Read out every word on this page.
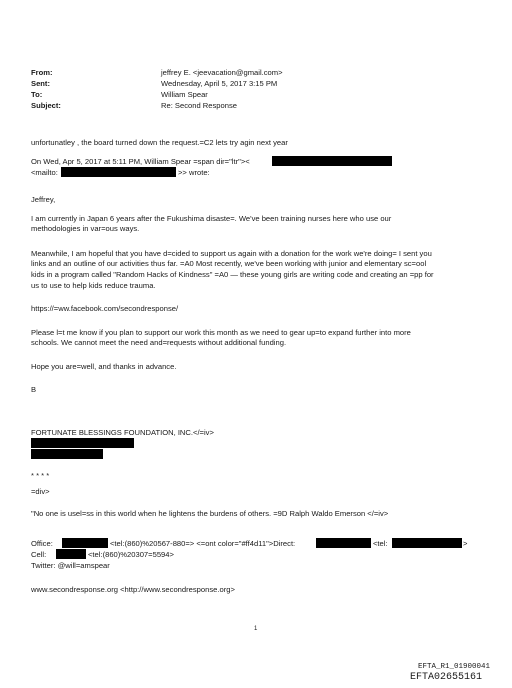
From:	jeffrey E. <jeevacation@gmail.com>
Sent:	Wednesday, April 5, 2017 3:15 PM
To:	William Spear
Subject:	Re: Second Response
unfortunatley , the board turned down the request.=C2 lets try agin next year
On Wed, Apr 5, 2017 at 5:11 PM, William Spear =span dir="ltr"><
<mailto:	>> wrote:
Jeffrey,
I am currently in Japan 6 years after the Fukushima disaste=. We've been training nurses here who use our
methodologies in var=ous ways.
Meanwhile, I am hopeful that you have d=cided to support us again with a donation for the work we're doing= I sent you
links and an outline of our activities thus far. =A0 Most recently, we've been working with junior and elementary sc=ool
kids in a program called "Random Hacks of Kindness" =A0 — these young girls are writing code and creating an =pp for
us to use to help kids reduce trauma.
https://=ww.facebook.com/secondresponse/
Please l=t me know if you plan to support our work this month as we need to gear up=to expand further into more
schools. We cannot meet the need and=requests without additional funding.
Hope you are=well, and thanks in advance.
B
FORTUNATE BLESSINGS FOUNDATION, INC.</=iv>
* * * *
=div>
"No one is usel=ss in this world when he lightens the burdens of others. =9D Ralph Waldo Emerson </=iv>
Office:	<tel:(860)%20567-880=> <=ont color="#ff4d11">Direct:	<tel:	>
Cell:	<tel:(860)%20307=5594>
Twitter: @will=amspear
www.secondresponse.org <http://www.secondresponse.org>
1
EFTA_R1_01900041
EFTA02655161
